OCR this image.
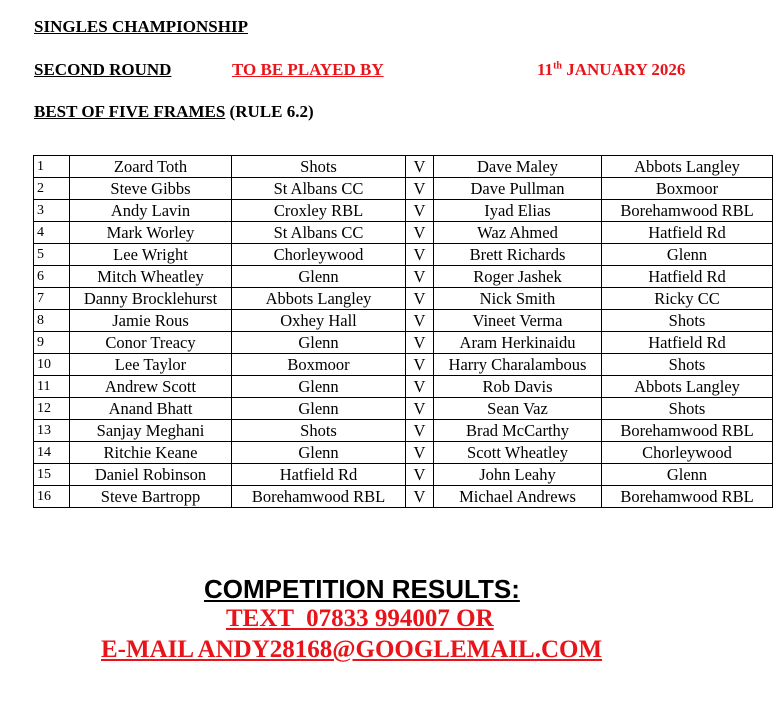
SINGLES CHAMPIONSHIP
SECOND ROUND	TO BE PLAYED BY	11th JANUARY 2026
BEST OF FIVE FRAMES (RULE 6.2)
1	Zoard Toth	Shots	V	Dave Maley	Abbots Langley
2	Steve Gibbs	St Albans CC	V	Dave Pullman	Boxmoor
3	Andy Lavin	Croxley RBL	V	Iyad Elias	Borehamwood RBL
4	Mark Worley	St Albans CC	V	Waz Ahmed	Hatfield Rd
5	Lee Wright	Chorleywood	V	Brett Richards	Glenn
6	Mitch Wheatley	Glenn	V	Roger Jashek	Hatfield Rd
7	Danny Brocklehurst	Abbots Langley	V	Nick Smith	Ricky CC
8	Jamie Rous	Oxhey Hall	V	Vineet Verma	Shots
9	Conor Treacy	Glenn	V	Aram Herkinaidu	Hatfield Rd
10	Lee Taylor	Boxmoor	V	Harry Charalambous	Shots
11	Andrew Scott	Glenn	V	Rob Davis	Abbots Langley
12	Anand Bhatt	Glenn	V	Sean Vaz	Shots
13	Sanjay Meghani	Shots	V	Brad McCarthy	Borehamwood RBL
14	Ritchie Keane	Glenn	V	Scott Wheatley	Chorleywood
15	Daniel Robinson	Hatfield Rd	V	John Leahy	Glenn
16	Steve Bartropp	Borehamwood RBL	V	Michael Andrews	Borehamwood RBL
COMPETITION RESULTS:
TEXT  07833 994007 OR
E-MAIL ANDY28168@GOOGLEMAIL.COM
